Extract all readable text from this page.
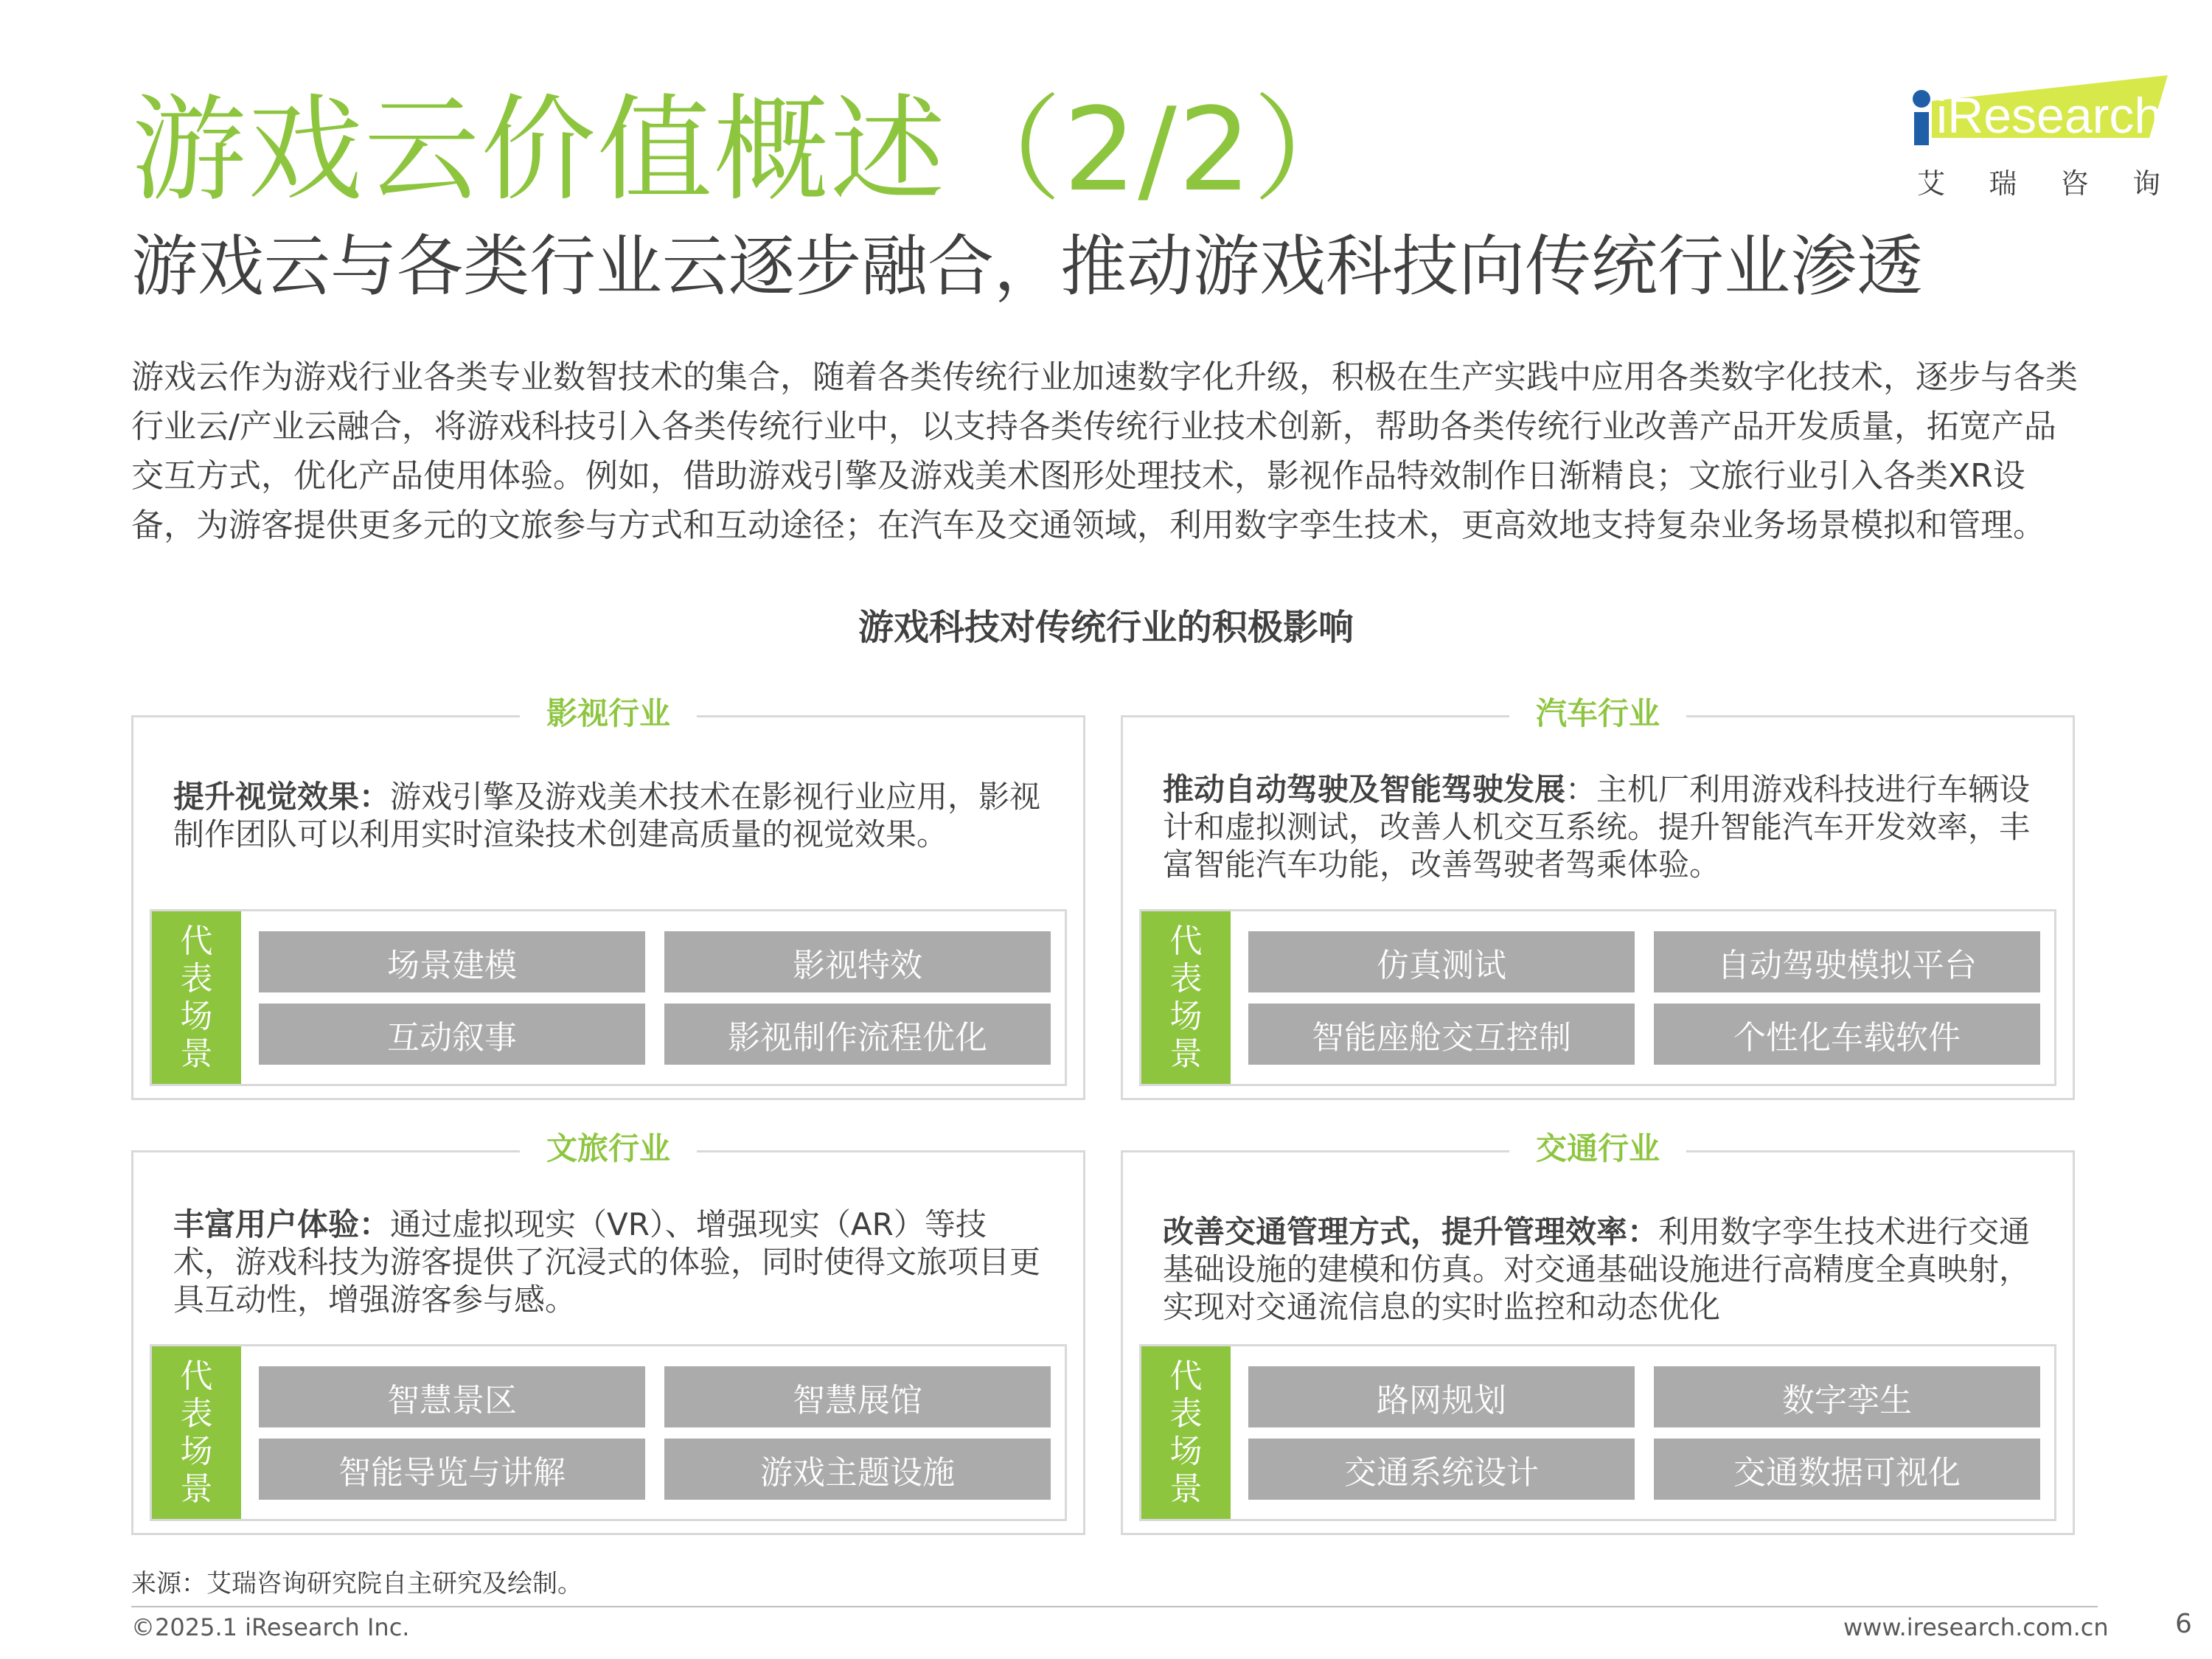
游戏云价值概述（2/2）
游戏云与各类行业云逐步融合，推动游戏科技向传统行业渗透
iResearch
艾 瑞 咨 询
游戏云作为游戏行业各类专业数智技术的集合，随着各类传统行业加速数字化升级，积极在生产实践中应用各类数字化技术，逐步与各类行业云/产业云融合，将游戏科技引入各类传统行业中，以支持各类传统行业技术创新，帮助各类传统行业改善产品开发质量，拓宽产品交互方式，优化产品使用体验。例如，借助游戏引擎及游戏美术图形处理技术，影视作品特效制作日渐精良；文旅行业引入各类XR设备，为游客提供更多元的文旅参与方式和互动途径；在汽车及交通领域，利用数字孪生技术，更高效地支持复杂业务场景模拟和管理。
游戏科技对传统行业的积极影响
影视行业
提升视觉效果：游戏引擎及游戏美术技术在影视行业应用，影视制作团队可以利用实时渲染技术创建高质量的视觉效果。
代
表
场
景
场景建模	影视特效
互动叙事	影视制作流程优化
汽车行业
推动自动驾驶及智能驾驶发展：主机厂利用游戏科技进行车辆设计和虚拟测试，改善人机交互系统。提升智能汽车开发效率，丰富智能汽车功能，改善驾驶者驾乘体验。
代
表
场
景
仿真测试	自动驾驶模拟平台
智能座舱交互控制	个性化车载软件
文旅行业
丰富用户体验：通过虚拟现实（VR）、增强现实（AR）等技术，游戏科技为游客提供了沉浸式的体验，同时使得文旅项目更具互动性，增强游客参与感。
代
表
场
景
智慧景区	智慧展馆
智能导览与讲解	游戏主题设施
交通行业
改善交通管理方式，提升管理效率：利用数字孪生技术进行交通基础设施的建模和仿真。对交通基础设施进行高精度全真映射，实现对交通流信息的实时监控和动态优化
代
表
场
景
路网规划	数字孪生
交通系统设计	交通数据可视化
来源：艾瑞咨询研究院自主研究及绘制。
©2025.1 iResearch Inc.	www.iresearch.com.cn	6
